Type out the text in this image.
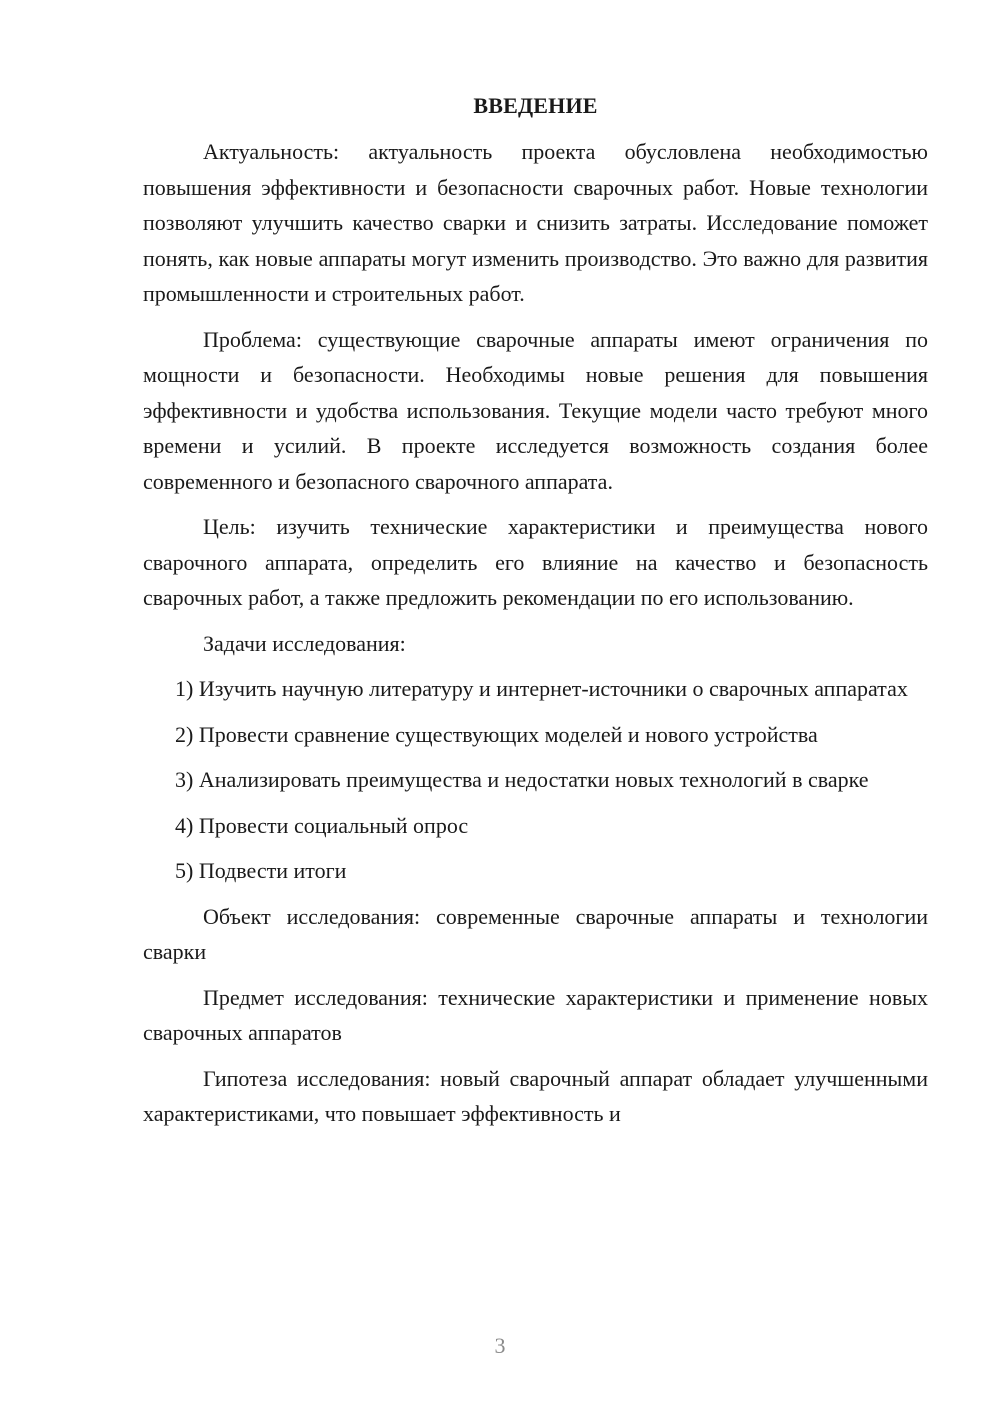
ВВЕДЕНИЕ

Актуальность: актуальность проекта обусловлена необходимостью повышения эффективности и безопасности сварочных работ. Новые технологии позволяют улучшить качество сварки и снизить затраты. Исследование поможет понять, как новые аппараты могут изменить производство. Это важно для развития промышленности и строительных работ.

Проблема: существующие сварочные аппараты имеют ограничения по мощности и безопасности. Необходимы новые решения для повышения эффективности и удобства использования. Текущие модели часто требуют много времени и усилий. В проекте исследуется возможность создания более современного и безопасного сварочного аппарата.

Цель: изучить технические характеристики и преимущества нового сварочного аппарата, определить его влияние на качество и безопасность сварочных работ, а также предложить рекомендации по его использованию.

Задачи исследования:

1) Изучить научную литературу и интернет-источники о сварочных аппаратах

2) Провести сравнение существующих моделей и нового устройства

3) Анализировать преимущества и недостатки новых технологий в сварке

4) Провести социальный опрос

5) Подвести итоги

Объект исследования: современные сварочные аппараты и технологии сварки

Предмет исследования: технические характеристики и применение новых сварочных аппаратов

Гипотеза исследования: новый сварочный аппарат обладает улучшенными характеристиками, что повышает эффективность и

3
